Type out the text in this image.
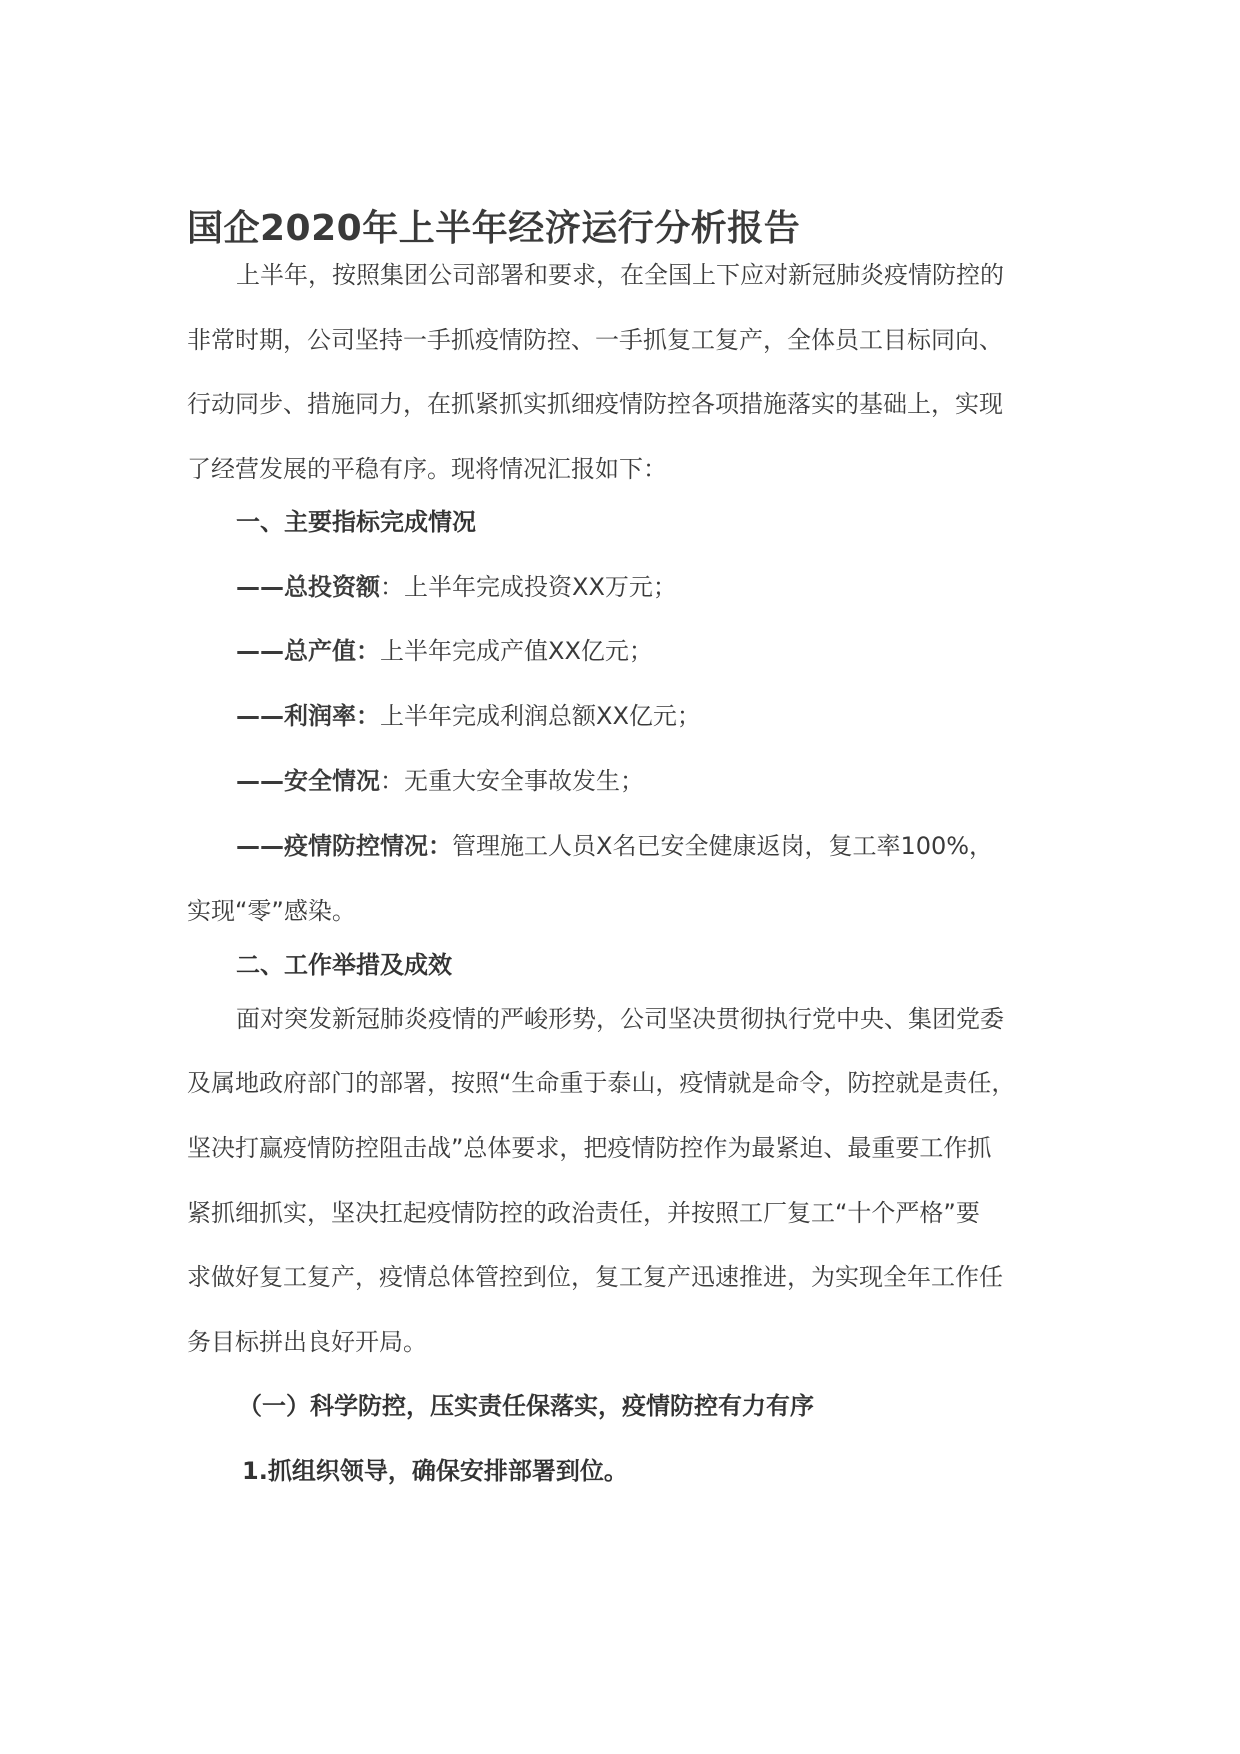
国企2020年上半年经济运行分析报告

上半年，按照集团公司部署和要求，在全国上下应对新冠肺炎疫情防控的

非常时期，公司坚持一手抓疫情防控、一手抓复工复产，全体员工目标同向、

行动同步、措施同力，在抓紧抓实抓细疫情防控各项措施落实的基础上，实现

了经营发展的平稳有序。现将情况汇报如下：

一、主要指标完成情况

——总投资额：上半年完成投资XX万元；

——总产值：上半年完成产值XX亿元；

——利润率：上半年完成利润总额XX亿元；

——安全情况：无重大安全事故发生；

——疫情防控情况：管理施工人员X名已安全健康返岗，复工率100%，

实现“零”感染。

二、工作举措及成效

面对突发新冠肺炎疫情的严峻形势，公司坚决贯彻执行党中央、集团党委

及属地政府部门的部署，按照“生命重于泰山，疫情就是命令，防控就是责任，

坚决打赢疫情防控阻击战”总体要求，把疫情防控作为最紧迫、最重要工作抓

紧抓细抓实，坚决扛起疫情防控的政治责任，并按照工厂复工“十个严格”要

求做好复工复产，疫情总体管控到位，复工复产迅速推进，为实现全年工作任

务目标拼出良好开局。

（一）科学防控，压实责任保落实，疫情防控有力有序

1.抓组织领导，确保安排部署到位。
